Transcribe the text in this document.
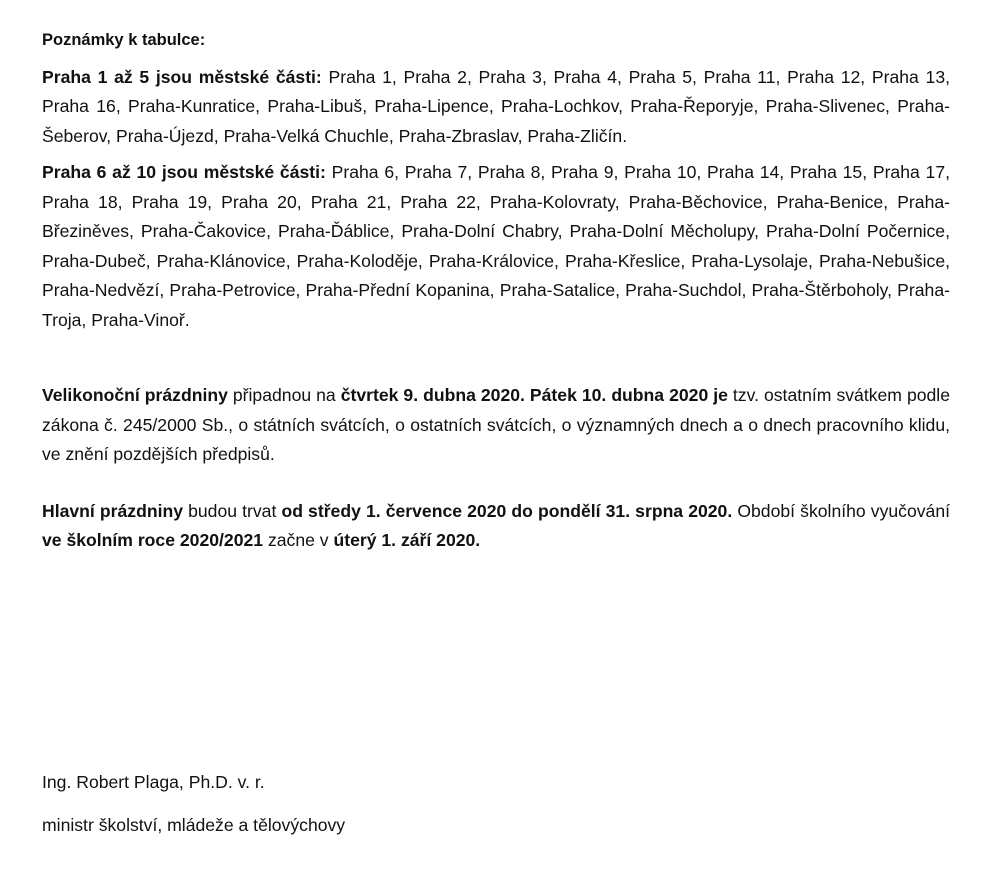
Poznámky k tabulce:

Praha 1 až 5 jsou městské části: Praha 1, Praha 2, Praha 3, Praha 4, Praha 5, Praha 11, Praha 12, Praha 13, Praha 16, Praha-Kunratice, Praha-Libuš, Praha-Lipence, Praha-Lochkov, Praha-Řeporyje, Praha-Slivenec, Praha-Šeberov, Praha-Újezd, Praha-Velká Chuchle, Praha-Zbraslav, Praha-Zličín.

Praha 6 až 10 jsou městské části: Praha 6, Praha 7, Praha 8, Praha 9, Praha 10, Praha 14, Praha 15, Praha 17, Praha 18, Praha 19, Praha 20, Praha 21, Praha 22, Praha-Kolovraty, Praha-Běchovice, Praha-Benice, Praha-Březiněves, Praha-Čakovice, Praha-Ďáblice, Praha-Dolní Chabry, Praha-Dolní Měcholupy, Praha-Dolní Počernice, Praha-Dubeč, Praha-Klánovice, Praha-Koloděje, Praha-Královice, Praha-Křeslice, Praha-Lysolaje, Praha-Nebušice, Praha-Nedvězí, Praha-Petrovice, Praha-Přední Kopanina, Praha-Satalice, Praha-Suchdol, Praha-Štěrboholy, Praha-Troja, Praha-Vinoř.

Velikonoční prázdniny připadnou na čtvrtek 9. dubna 2020. Pátek 10. dubna 2020 je tzv. ostatním svátkem podle zákona č. 245/2000 Sb., o státních svátcích, o ostatních svátcích, o významných dnech a o dnech pracovního klidu, ve znění pozdějších předpisů.

Hlavní prázdniny budou trvat od středy 1. července 2020 do pondělí 31. srpna 2020. Období školního vyučování ve školním roce 2020/2021 začne v úterý 1. září 2020.

Ing. Robert Plaga, Ph.D. v. r.

ministr školství, mládeže a tělovýchovy
